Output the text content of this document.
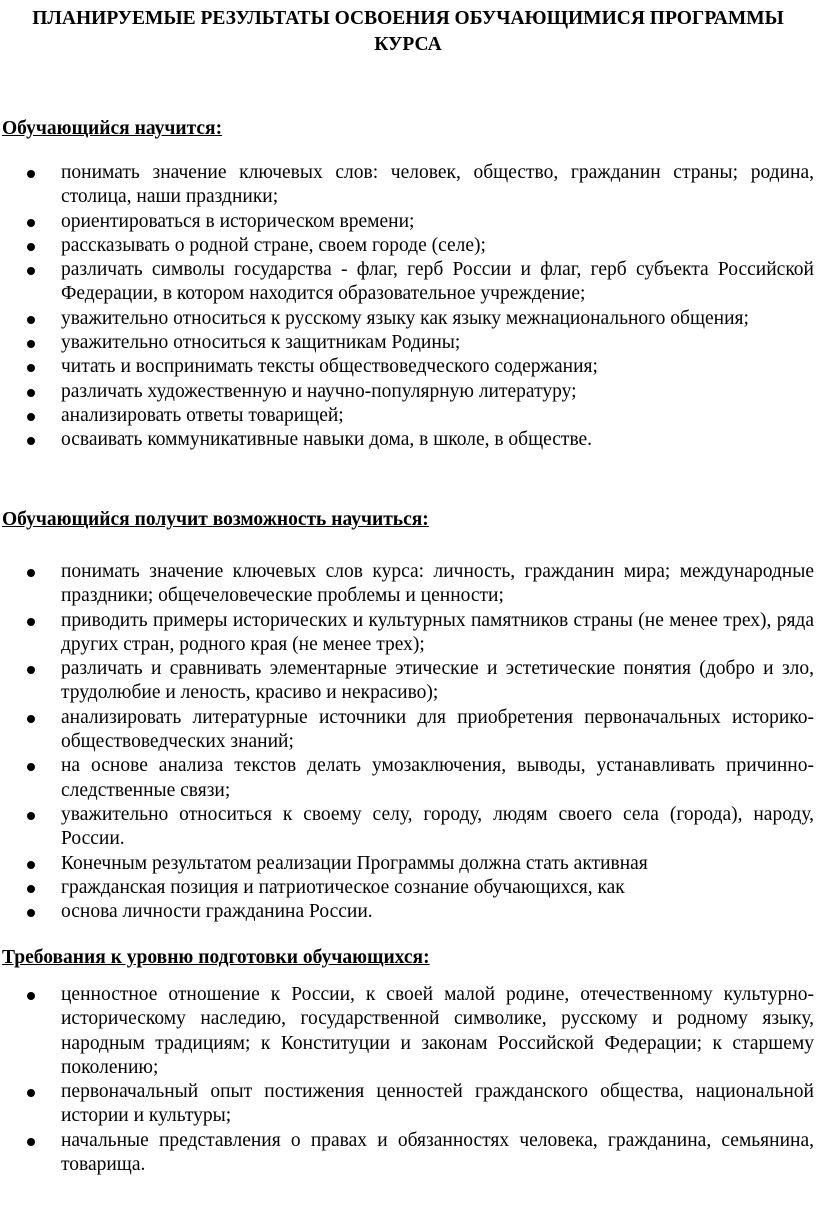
ПЛАНИРУЕМЫЕ РЕЗУЛЬТАТЫ ОСВОЕНИЯ ОБУЧАЮЩИМИСЯ ПРОГРАММЫ КУРСА
Обучающийся научится:
понимать значение ключевых слов: человек, общество, гражданин страны; родина, столица, наши праздники;
ориентироваться в историческом времени;
рассказывать о родной стране, своем городе (селе);
различать символы государства - флаг, герб России и флаг, герб субъекта Российской Федерации, в котором находится образовательное учреждение;
уважительно относиться к русскому языку как языку межнационального общения;
уважительно относиться к защитникам Родины;
читать и воспринимать тексты обществоведческого содержания;
различать художественную и научно-популярную литературу;
анализировать ответы товарищей;
осваивать коммуникативные навыки дома, в школе, в обществе.
Обучающийся получит возможность научиться:
понимать значение ключевых слов курса: личность, гражданин мира; международные праздники; общечеловеческие проблемы и ценности;
приводить примеры исторических и культурных памятников страны (не менее трех), ряда других стран, родного края (не менее трех);
различать и сравнивать элементарные этические и эстетические понятия (добро и зло, трудолюбие и леность, красиво и некрасиво);
анализировать литературные источники для приобретения первоначальных историко-обществоведческих знаний;
на основе анализа текстов делать умозаключения, выводы, устанавливать причинно-следственные связи;
уважительно относиться к своему селу, городу, людям своего села (города), народу, России.
Конечным результатом реализации Программы должна стать активная
гражданская позиция и патриотическое сознание обучающихся, как
основа личности гражданина России.
Требования к уровню подготовки обучающихся:
ценностное отношение к России, к своей малой родине, отечественному культурно-историческому наследию, государственной символике, русскому и родному языку, народным традициям; к Конституции и законам Российской Федерации; к старшему поколению;
первоначальный опыт постижения ценностей гражданского общества, национальной истории и культуры;
начальные представления о правах и обязанностях человека, гражданина, семьянина, товарища.
